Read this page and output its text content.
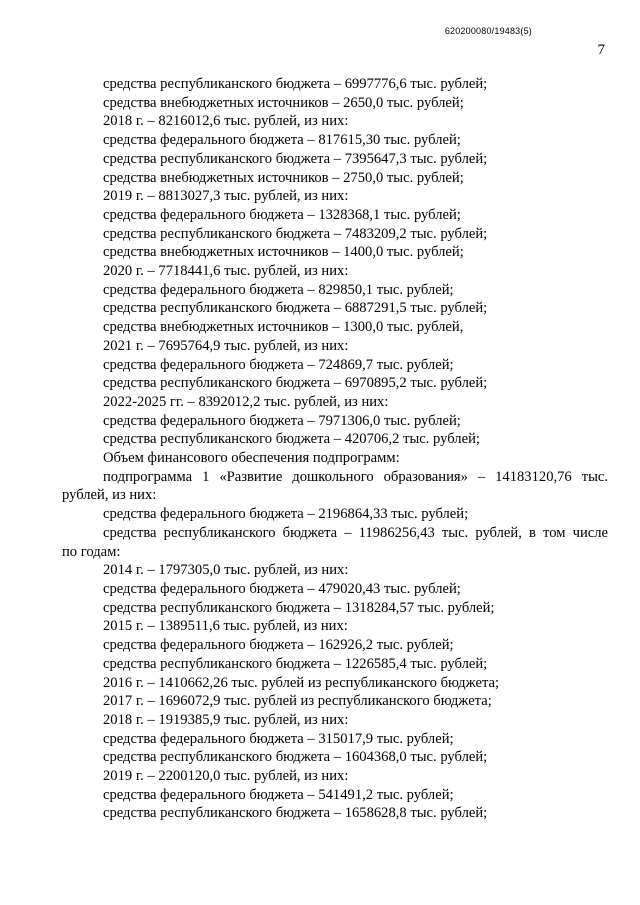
620200080/19483(5)
7
средства республиканского бюджета – 6997776,6 тыс. рублей;
средства внебюджетных источников – 2650,0 тыс. рублей;
2018 г. – 8216012,6 тыс. рублей, из них:
средства федерального бюджета – 817615,30 тыс. рублей;
средства республиканского бюджета – 7395647,3 тыс. рублей;
средства внебюджетных источников – 2750,0 тыс. рублей;
2019 г. – 8813027,3 тыс. рублей, из них:
средства федерального бюджета – 1328368,1 тыс. рублей;
средства республиканского бюджета – 7483209,2 тыс. рублей;
средства внебюджетных источников – 1400,0 тыс. рублей;
2020 г. – 7718441,6 тыс. рублей, из них:
средства федерального бюджета – 829850,1 тыс. рублей;
средства республиканского бюджета – 6887291,5 тыс. рублей;
средства внебюджетных источников – 1300,0 тыс. рублей,
2021 г. – 7695764,9 тыс. рублей, из них:
средства федерального бюджета – 724869,7 тыс. рублей;
средства республиканского бюджета – 6970895,2 тыс. рублей;
2022-2025 гг. – 8392012,2 тыс. рублей, из них:
средства федерального бюджета – 7971306,0 тыс. рублей;
средства республиканского бюджета – 420706,2 тыс. рублей;
Объем финансового обеспечения подпрограмм:
подпрограмма 1 «Развитие дошкольного образования» – 14183120,76 тыс.
рублей, из них:
средства федерального бюджета – 2196864,33 тыс. рублей;
средства республиканского бюджета – 11986256,43 тыс. рублей, в том числе
по годам:
2014 г. – 1797305,0 тыс. рублей, из них:
средства федерального бюджета – 479020,43 тыс. рублей;
средства республиканского бюджета – 1318284,57 тыс. рублей;
2015 г. – 1389511,6 тыс. рублей, из них:
средства федерального бюджета – 162926,2 тыс. рублей;
средства республиканского бюджета – 1226585,4 тыс. рублей;
2016 г. – 1410662,26 тыс. рублей из республиканского бюджета;
2017 г. – 1696072,9 тыс. рублей из республиканского бюджета;
2018 г. – 1919385,9 тыс. рублей, из них:
средства федерального бюджета – 315017,9 тыс. рублей;
средства республиканского бюджета – 1604368,0 тыс. рублей;
2019 г. – 2200120,0 тыс. рублей, из них:
средства федерального бюджета – 541491,2 тыс. рублей;
средства республиканского бюджета – 1658628,8 тыс. рублей;
